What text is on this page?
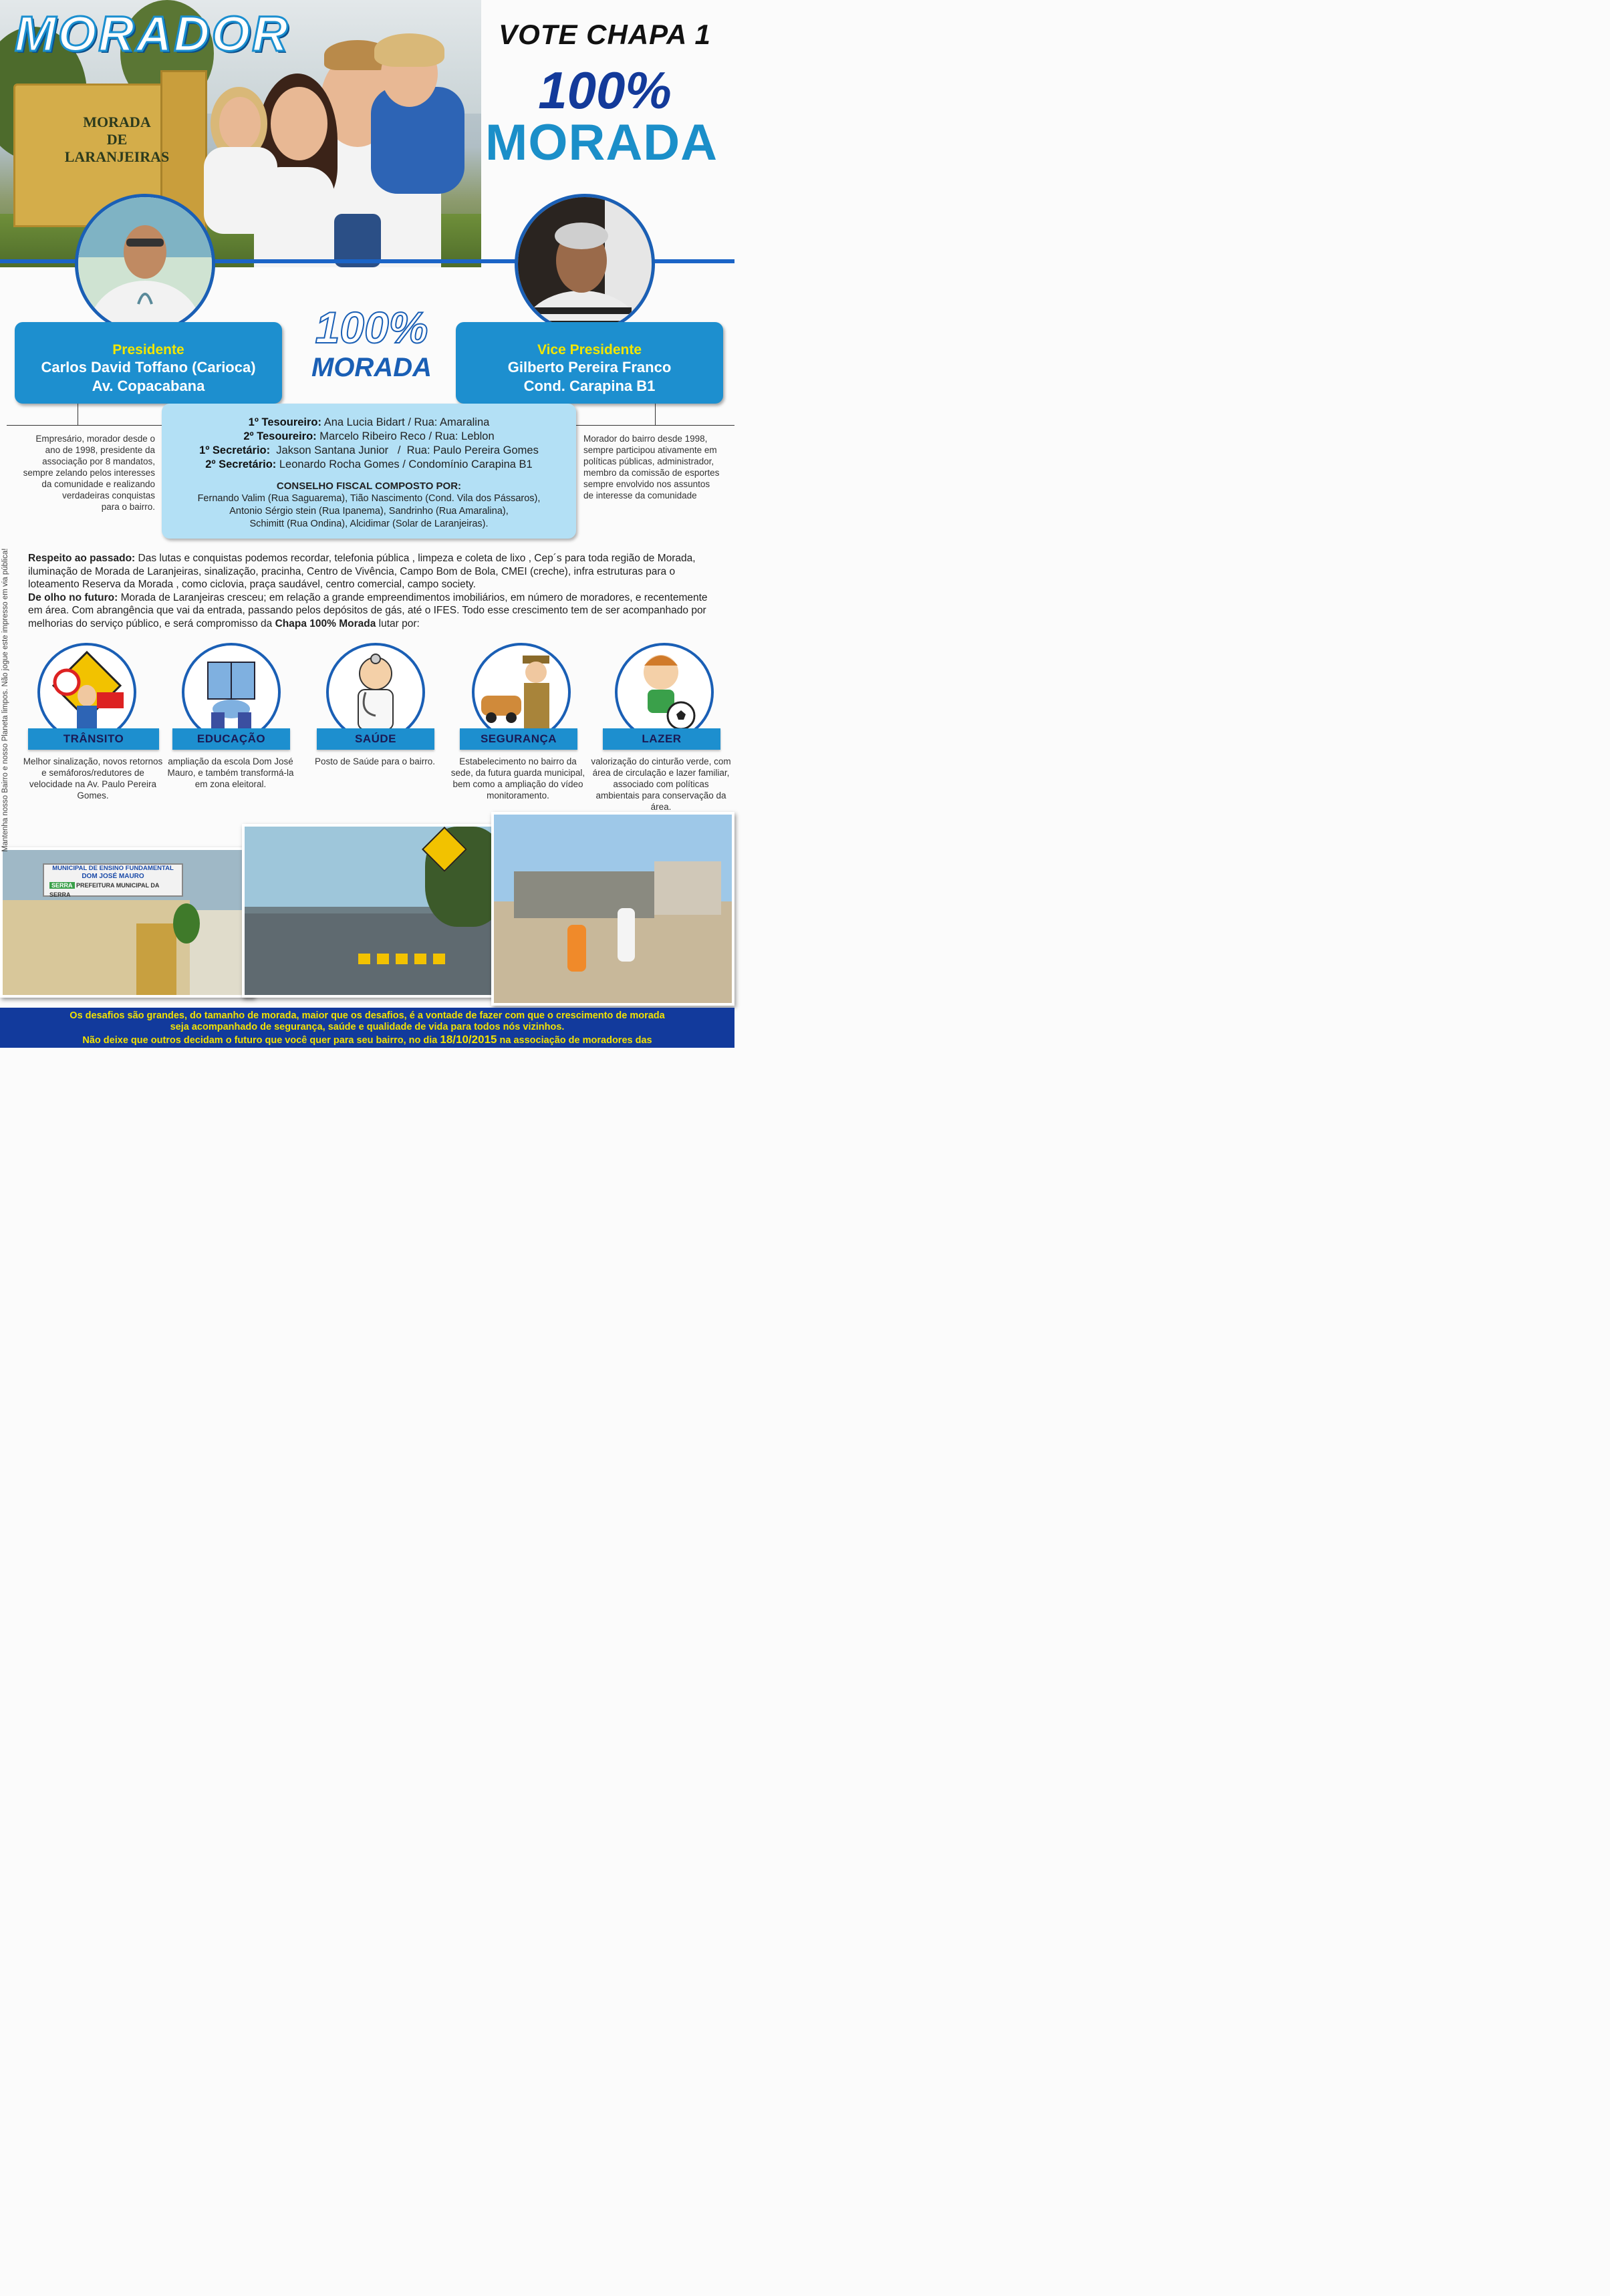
MORADA
DE
LARANJEIRAS
MORADOR	VOTE CHAPA 1
100%
MORADA
Presidente
Carlos David Toffano (Carioca)
Av. Copacabana
Vice Presidente
Gilberto Pereira Franco
Cond. Carapina B1
100%
MORADA
Empresário, morador desde o
ano de 1998, presidente da
associação por 8 mandatos,
sempre zelando pelos interesses
da comunidade e realizando
verdadeiras conquistas
para o bairro.
Morador do bairro desde 1998,
sempre participou ativamente em
políticas públicas, administrador,
membro da comissão de esportes
sempre envolvido nos assuntos
de interesse da comunidade
1º Tesoureiro: Ana Lucia Bidart / Rua: Amaralina
2º Tesoureiro: Marcelo Ribeiro Reco / Rua: Leblon
1º Secretário:  Jakson Santana Junior   /  Rua: Paulo Pereira Gomes
2º Secretário: Leonardo Rocha Gomes / Condomínio Carapina B1
CONSELHO FISCAL COMPOSTO POR:
Fernando Valim (Rua Saguarema), Tião Nascimento (Cond. Vila dos Pássaros),
Antonio Sérgio stein (Rua Ipanema), Sandrinho (Rua Amaralina),
Schimitt (Rua Ondina), Alcidimar (Solar de Laranjeiras).

Respeito ao passado: Das lutas e conquistas podemos recordar, telefonia pública , limpeza e coleta de lixo , Cep´s para toda região de Morada, iluminação de Morada de Laranjeiras, sinalização, pracinha, Centro de Vivência, Campo Bom de Bola, CMEI (creche), infra estruturas para o loteamento Reserva da Morada , como ciclovia, praça saudável, centro comercial, campo society.

De olho no futuro: Morada de Laranjeiras cresceu; em relação a grande empreendimentos imobiliários, em número de moradores, e recentemente em área. Com abrangência que vai da entrada, passando pelos depósitos de gás, até o IFES. Todo esse crescimento tem de ser acompanhado por melhorias do serviço público, e será compromisso da Chapa 100% Morada lutar por:

TRÂNSITO
Melhor sinalização, novos retornos e semáforos/redutores de velocidade na Av. Paulo Pereira Gomes.
EDUCAÇÃO
ampliação da escola Dom José Mauro, e também transformá-la em zona eleitoral.
SAÚDE
Posto de Saúde para o bairro.
SEGURANÇA
Estabelecimento no bairro da sede, da futura guarda municipal, bem como a ampliação do vídeo monitoramento.
LAZER
valorização do cinturão verde, com área de circulação e lazer familiar, associado com políticas ambientais para conservação da área.
MUNICIPAL DE ENSINO FUNDAMENTAL
DOM JOSÉ MAURO
SERRA PREFEITURA MUNICIPAL DA SERRA
Os desafios são grandes, do tamanho de morada, maior que os desafios, é a vontade de fazer com que o crescimento de morada
seja acompanhado de segurança, saúde e qualidade de vida para todos nós vizinhos.
Não deixe que outros decidam o futuro que você quer para seu bairro, no dia 18/10/2015 na associação de moradores das
Mantenha nosso Bairro e nosso Planeta limpos. Não jogue este impresso em via pública!
